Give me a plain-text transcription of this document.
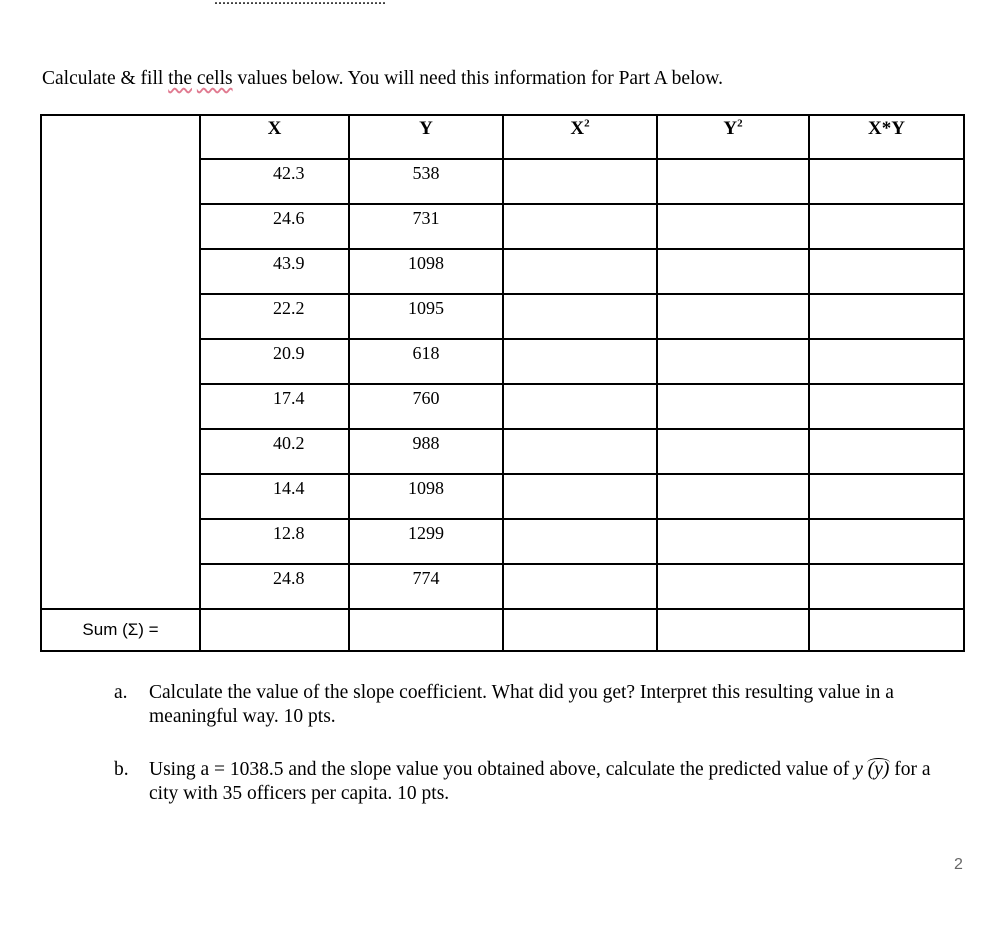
Calculate & fill the cells values below. You will need this information for Part A below.
	X	Y	$X^2$	$Y^2$	X*Y
	42.3	538			
	24.6	731			
	43.9	1098			
	22.2	1095			
	20.9	618			
	17.4	760			
	40.2	988			
	14.4	1098			
	12.8	1299			
	24.8	774			
Sum (Σ) =					
a. Calculate the value of the slope coefficient. What did you get? Interpret this resulting value in a meaningful way. 10 pts.
b. Using a = 1038.5 and the slope value you obtained above, calculate the predicted value of y (y) for a city with 35 officers per capita. 10 pts.
2
